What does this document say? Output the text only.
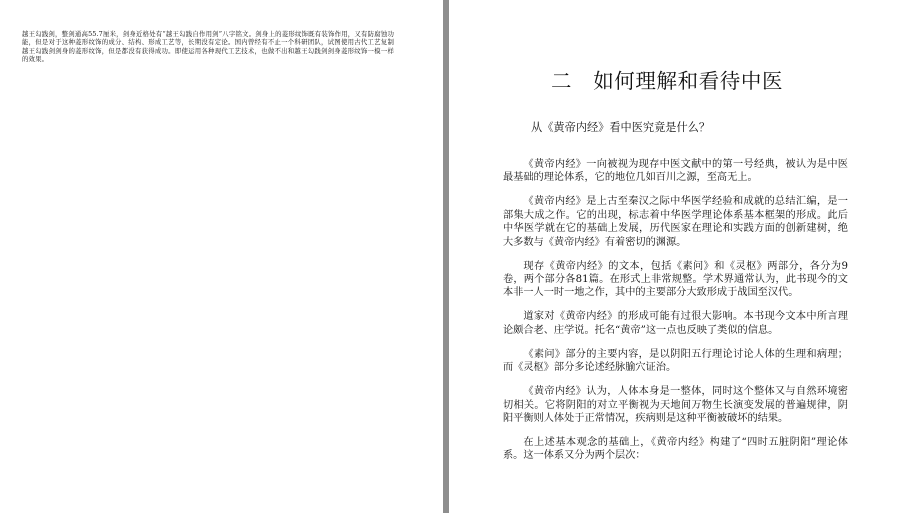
越王勾践剑，整剑通高55.7厘米，剑身近格处有“越王勾践自作用剑”八字铭文。剑身上的菱形纹饰既有装饰作用，又有防腐蚀功能，但是对于这种菱形纹饰的成分、结构、形成工艺等，长期没有定论。国内曾经有不止一个科研团队，试图使用古代工艺复制越王勾践剑剑身的菱形纹饰，但是都没有获得成功。即使运用各种现代工艺技术，也做不出和越王勾践剑剑身菱形纹饰一模一样的效果。
二　如何理解和看待中医
从《黄帝内经》看中医究竟是什么？

《黄帝内经》一向被视为现存中医文献中的第一号经典，被认为是中医最基础的理论体系，它的地位几如百川之源，至高无上。

《黄帝内经》是上古至秦汉之际中华医学经验和成就的总结汇编，是一部集大成之作。它的出现，标志着中华医学理论体系基本框架的形成。此后中华医学就在它的基础上发展，历代医家在理论和实践方面的创新建树，绝大多数与《黄帝内经》有着密切的渊源。

现存《黄帝内经》的文本，包括《素问》和《灵枢》两部分，各分为9卷，两个部分各81篇。在形式上非常规整。学术界通常认为，此书现今的文本非一人一时一地之作，其中的主要部分大致形成于战国至汉代。

道家对《黄帝内经》的形成可能有过很大影响。本书现今文本中所言理论颇合老、庄学说。托名“黄帝”这一点也反映了类似的信息。

《素问》部分的主要内容，是以阴阳五行理论讨论人体的生理和病理；而《灵枢》部分多论述经脉腧穴证治。

《黄帝内经》认为，人体本身是一整体，同时这个整体又与自然环境密切相关。它将阴阳的对立平衡视为天地间万物生长演变发展的普遍规律，阴阳平衡则人体处于正常情况，疾病则是这种平衡被破坏的结果。

在上述基本观念的基础上，《黄帝内经》构建了“四时五脏阴阳”理论体系。这一体系又分为两个层次：
